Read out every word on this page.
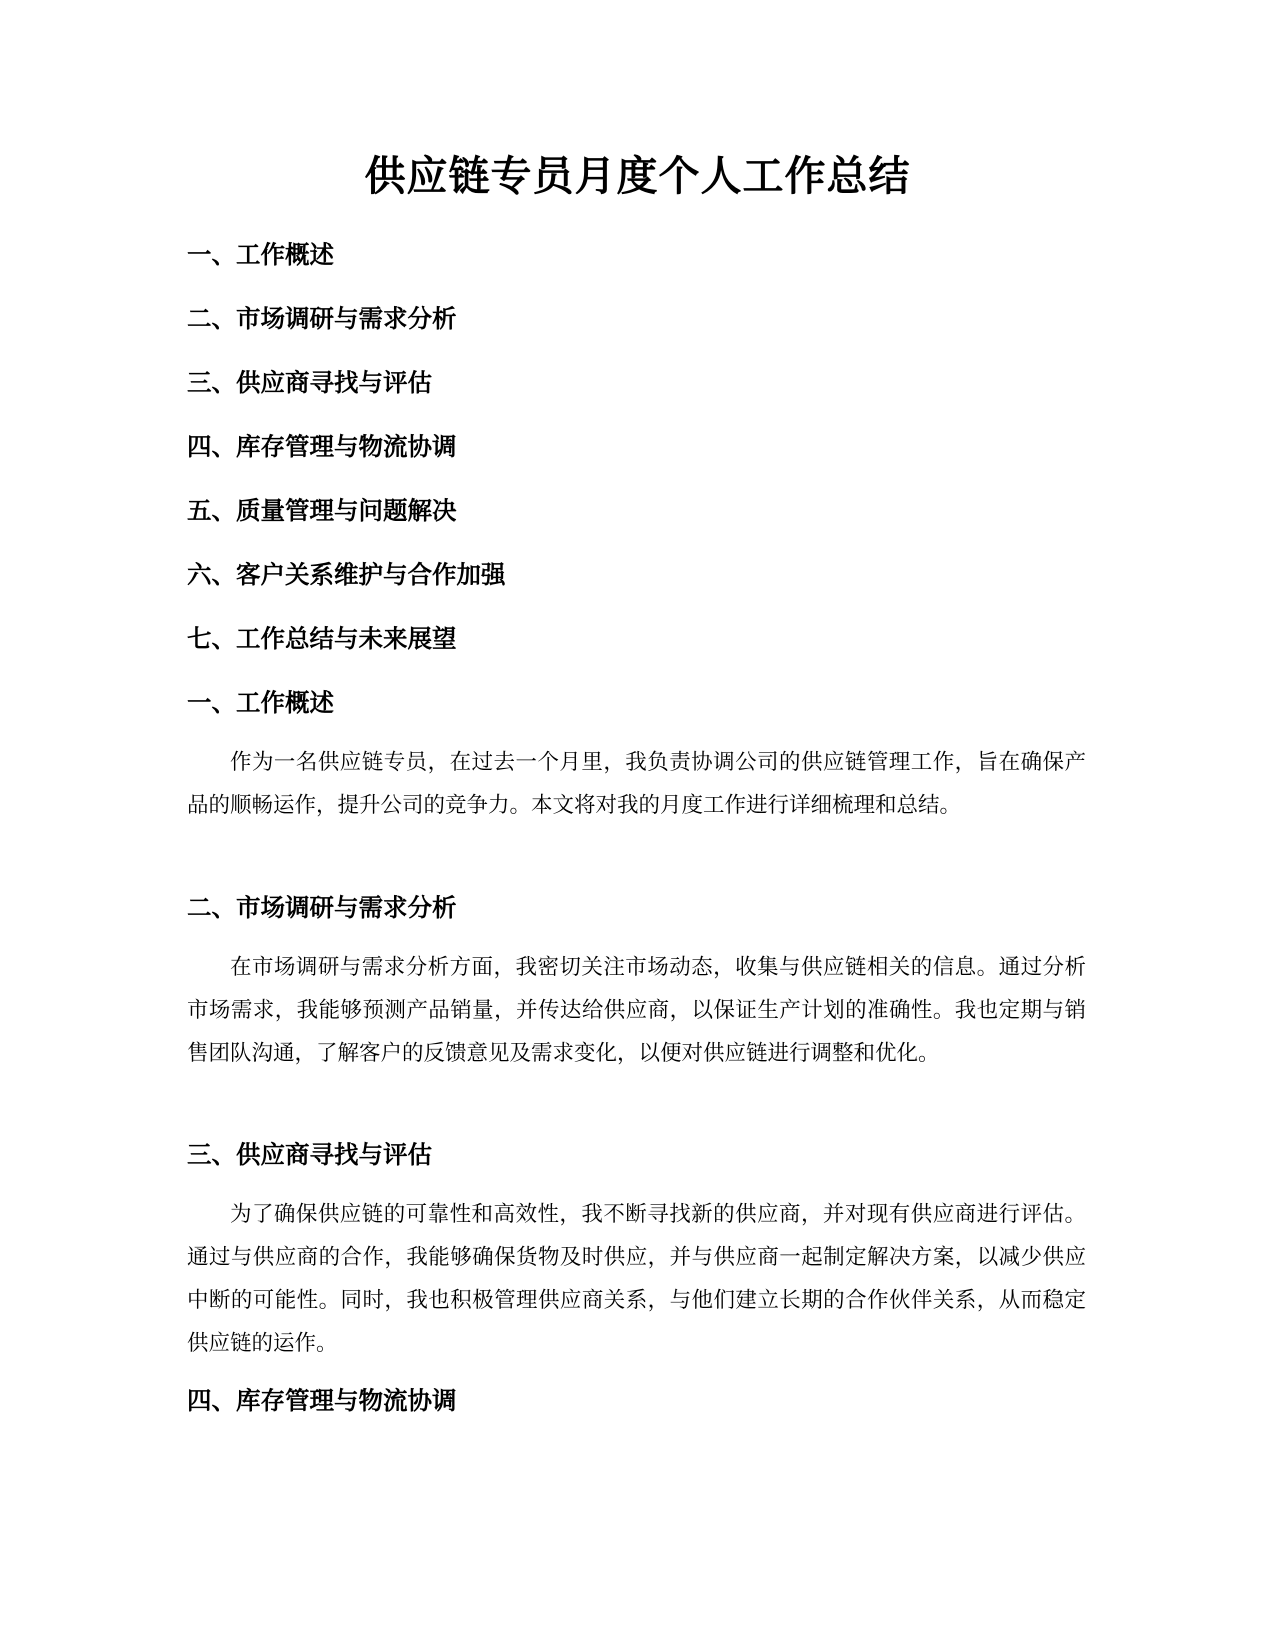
供应链专员月度个人工作总结
一、工作概述
二、市场调研与需求分析
三、供应商寻找与评估
四、库存管理与物流协调
五、质量管理与问题解决
六、客户关系维护与合作加强
七、工作总结与未来展望
一、工作概述

作为一名供应链专员，在过去一个月里，我负责协调公司的供应链管理工作，旨在确保产品的顺畅运作，提升公司的竞争力。本文将对我的月度工作进行详细梳理和总结。

二、市场调研与需求分析

在市场调研与需求分析方面，我密切关注市场动态，收集与供应链相关的信息。通过分析市场需求，我能够预测产品销量，并传达给供应商，以保证生产计划的准确性。我也定期与销售团队沟通，了解客户的反馈意见及需求变化，以便对供应链进行调整和优化。

三、供应商寻找与评估

为了确保供应链的可靠性和高效性，我不断寻找新的供应商，并对现有供应商进行评估。通过与供应商的合作，我能够确保货物及时供应，并与供应商一起制定解决方案，以减少供应中断的可能性。同时，我也积极管理供应商关系，与他们建立长期的合作伙伴关系，从而稳定供应链的运作。

四、库存管理与物流协调
